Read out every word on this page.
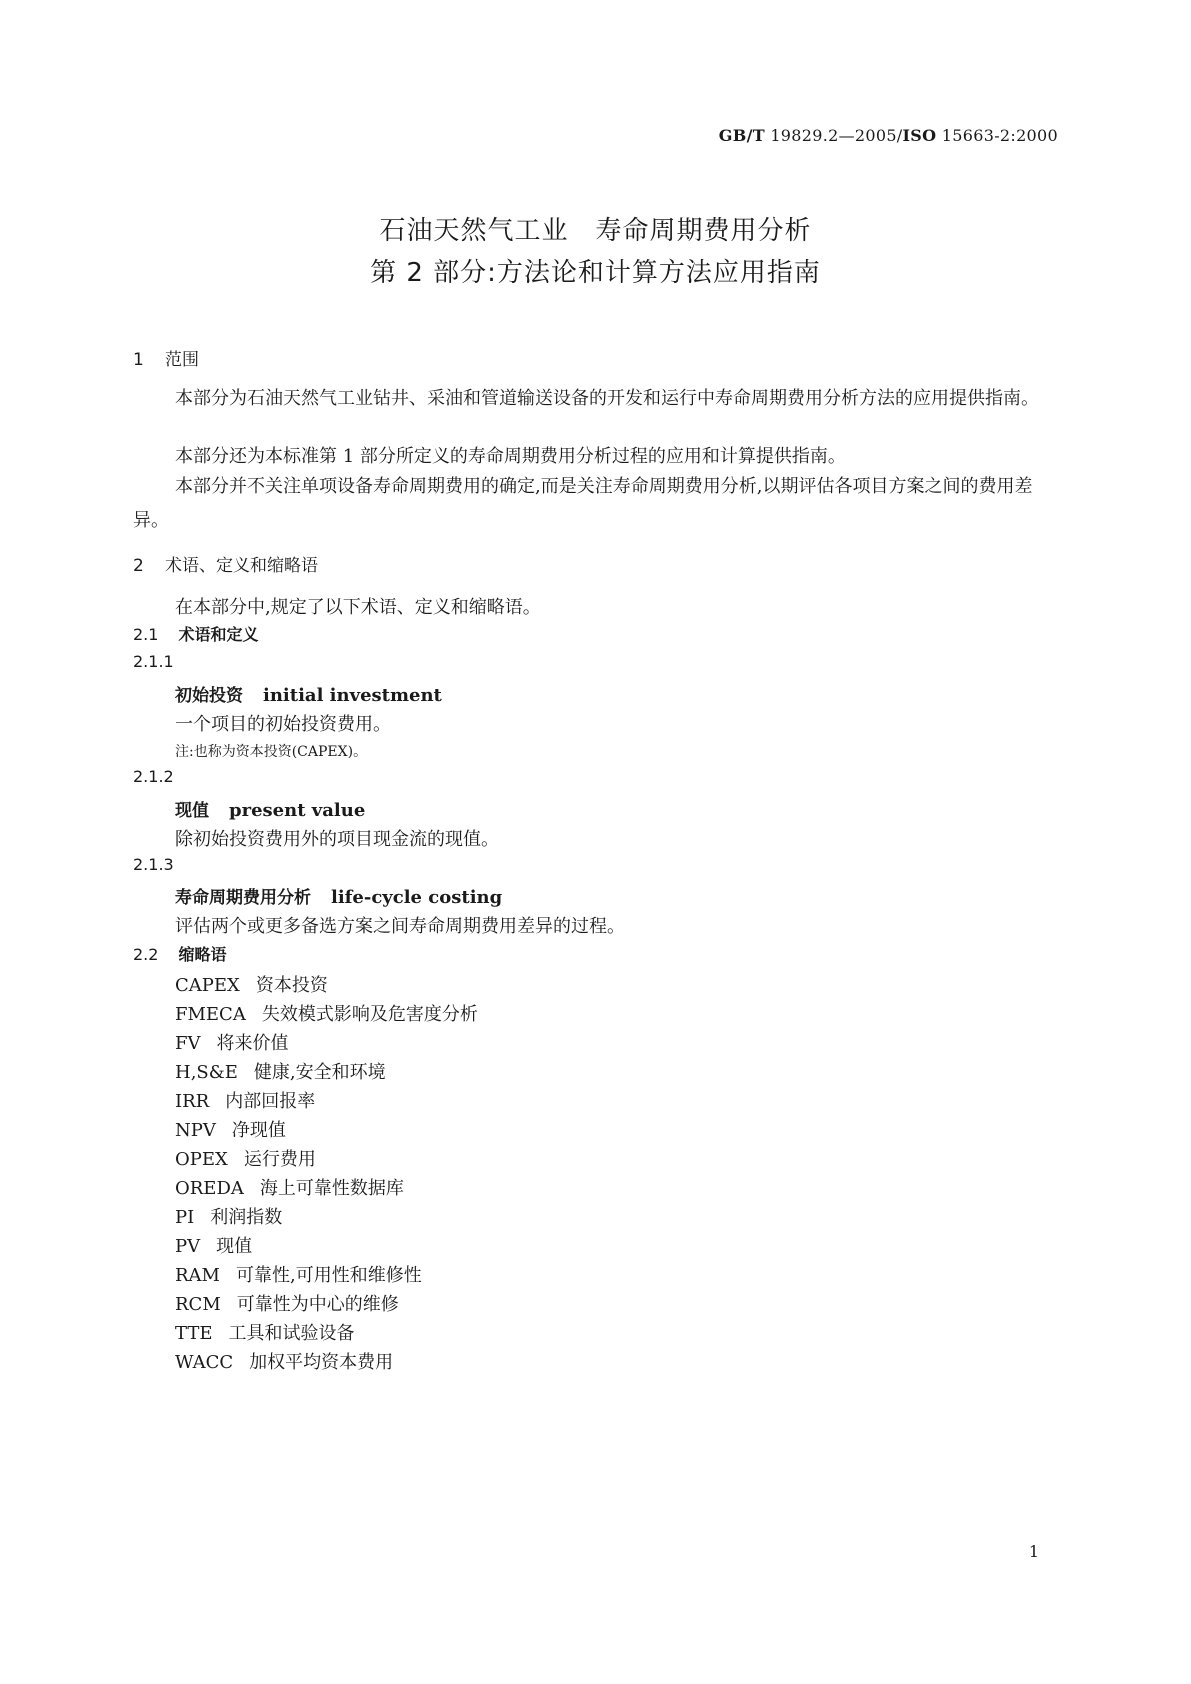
GB/T 19829.2—2005/ISO 15663-2:2000
石油天然气工业　寿命周期费用分析
第 2 部分:方法论和计算方法应用指南
1 范围
本部分为石油天然气工业钻井、采油和管道输送设备的开发和运行中寿命周期费用分析方法的应用提供指南。
本部分还为本标准第 1 部分所定义的寿命周期费用分析过程的应用和计算提供指南。
本部分并不关注单项设备寿命周期费用的确定,而是关注寿命周期费用分析,以期评估各项目方案之间的费用差异。
2 术语、定义和缩略语
在本部分中,规定了以下术语、定义和缩略语。
2.1 术语和定义
2.1.1
初始投资 initial investment
一个项目的初始投资费用。
注:也称为资本投资(CAPEX)。
2.1.2
现值 present value
除初始投资费用外的项目现金流的现值。
2.1.3
寿命周期费用分析 life-cycle costing
评估两个或更多备选方案之间寿命周期费用差异的过程。
2.2 缩略语
CAPEX 资本投资
FMECA 失效模式影响及危害度分析
FV 将来价值
H,S&E 健康,安全和环境
IRR 内部回报率
NPV 净现值
OPEX 运行费用
OREDA 海上可靠性数据库
PI 利润指数
PV 现值
RAM 可靠性,可用性和维修性
RCM 可靠性为中心的维修
TTE 工具和试验设备
WACC 加权平均资本费用
1
